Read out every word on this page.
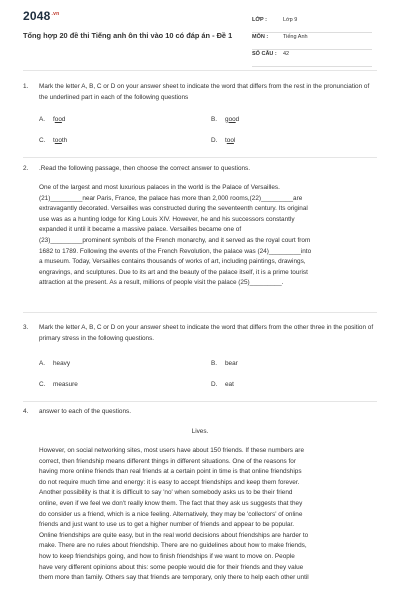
$2048^{.vn}$
Tổng hợp 20 đề thi Tiếng anh ôn thi vào 10 có đáp án - Đề 1
LỚP :	Lớp 9
MÔN :	Tiếng Anh
SỐ CÂU : 42
1. Mark the letter A, B, C or D on your answer sheet to indicate the word that differs from the rest in the pronunciation of the underlined part in each of the following questions
A. food	B. good
C. tooth	D. tool
2. .Read the following passage, then choose the correct answer to questions.
One of the largest and most luxurious palaces in the world is the Palace of Versailles.
(21)_________near Paris, France, the palace has more than 2,000 rooms,(22)_________are
extravagantly decorated. Versailles was constructed during the seventeenth century. Its original
use was as a hunting lodge for King Louis XIV. However, he and his successors constantly
expanded it until it became a massive palace. Versailles became one of
(23)_________prominent symbols of the French monarchy, and it served as the royal court from
1682 to 1789. Following the events of the French Revolution, the palace was (24)_________into
a museum. Today, Versailles contains thousands of works of art, including paintings, drawings,
engravings, and sculptures. Due to its art and the beauty of the palace itself, it is a prime tourist
attraction at the present. As a result, millions of people visit the palace (25)_________.
3. Mark the letter A, B, C or D on your answer sheet to indicate the word that differs from the other three in the position of primary stress in the following questions.
A. heavy	B. bear
C. measure	D. eat
4. answer to each of the questions.
Lives.
However, on social networking sites, most users have about 150 friends. If these numbers are
correct, then friendship means different things in different situations. One of the reasons for
having more online friends than real friends at a certain point in time is that online friendships
do not require much time and energy: it is easy to accept friendships and keep them forever.
Another possibility is that it is difficult to say 'no' when somebody asks us to be their friend
online, even if we feel we don't really know them. The fact that they ask us suggests that they
do consider us a friend, which is a nice feeling. Alternatively, they may be 'collectors' of online
friends and just want to use us to get a higher number of friends and appear to be popular.
Online friendships are quite easy, but in the real world decisions about friendships are harder to
make. There are no rules about friendship. There are no guidelines about how to make friends,
how to keep friendships going, and how to finish friendships if we want to move on. People
have very different opinions about this: some people would die for their friends and they value
them more than family. Others say that friends are temporary, only there to help each other until
